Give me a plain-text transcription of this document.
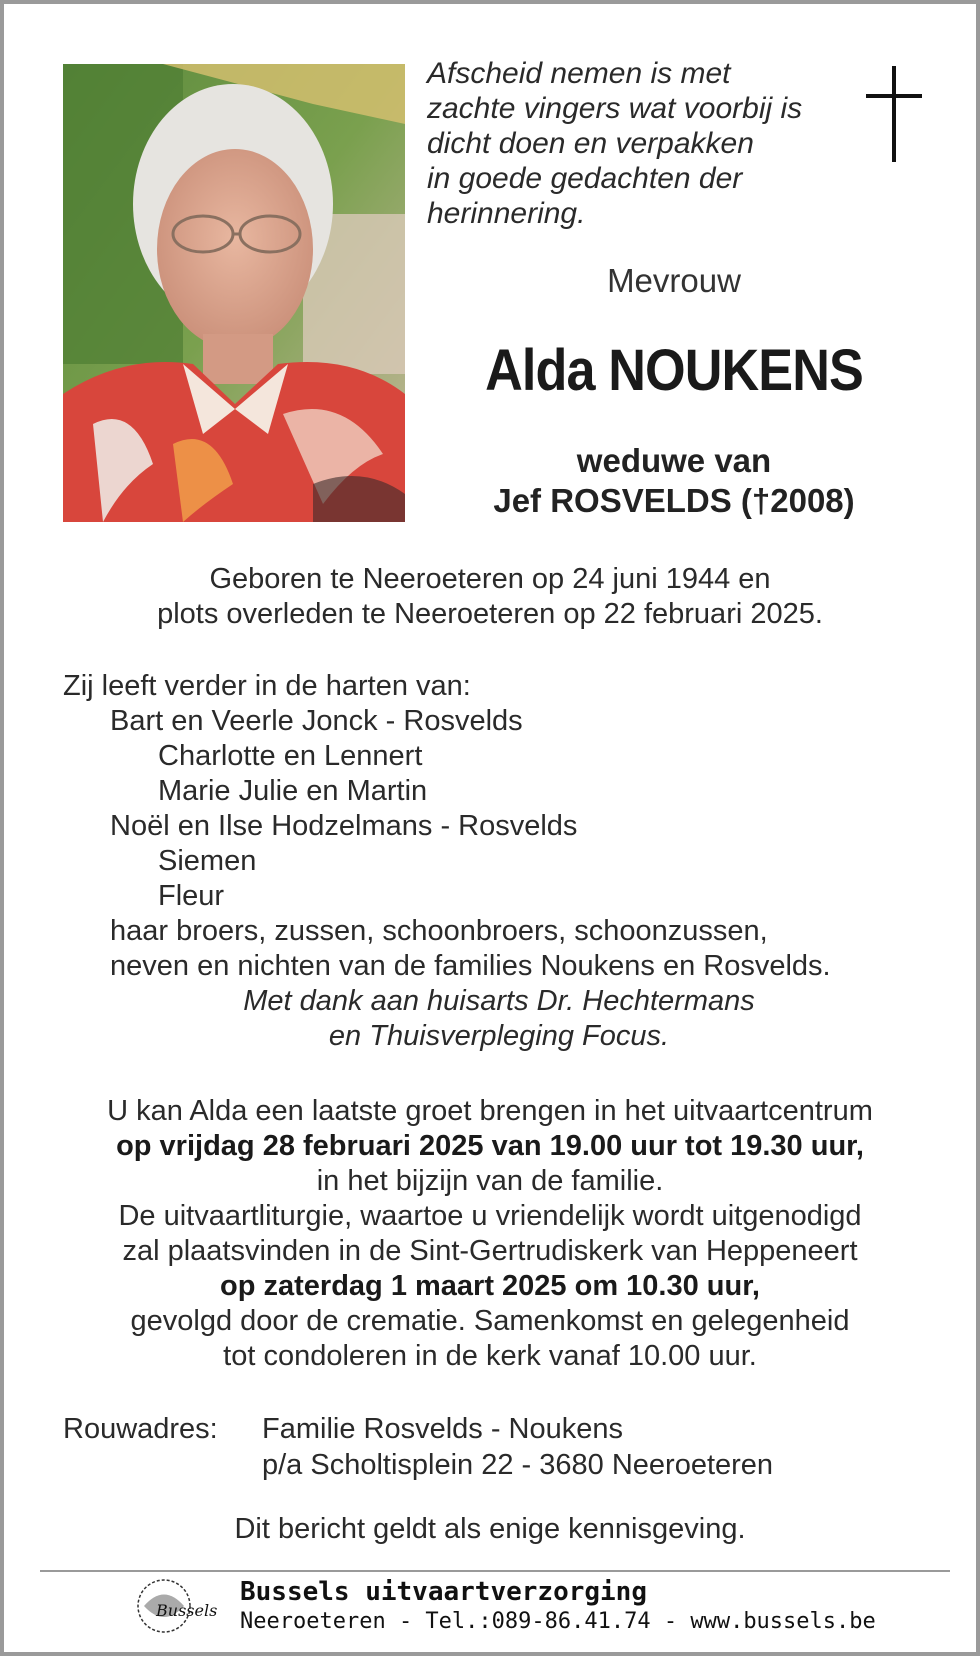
Afscheid nemen is met
zachte vingers wat voorbij is
dicht doen en verpakken
in goede gedachten der
herinnering.
Mevrouw
Alda NOUKENS
weduwe van
Jef ROSVELDS (†2008)
Geboren te Neeroeteren op 24 juni 1944 en
plots overleden te Neeroeteren op 22 februari 2025.
Zij leeft verder in de harten van:
Bart en Veerle Jonck - Rosvelds
Charlotte en Lennert
Marie Julie en Martin
Noël en Ilse Hodzelmans - Rosvelds
Siemen
Fleur
haar broers, zussen, schoonbroers, schoonzussen,
neven en nichten van de families Noukens en Rosvelds.
Met dank aan huisarts Dr. Hechtermans
en Thuisverpleging Focus.
U kan Alda een laatste groet brengen in het uitvaartcentrum
op vrijdag 28 februari 2025 van 19.00 uur tot 19.30 uur,
in het bijzijn van de familie.
De uitvaartliturgie, waartoe u vriendelijk wordt uitgenodigd
zal plaatsvinden in de Sint-Gertrudiskerk van Heppeneert
op zaterdag 1 maart 2025 om 10.30 uur,
gevolgd door de crematie. Samenkomst en gelegenheid
tot condoleren in de kerk vanaf 10.00 uur.
Rouwadres: Familie Rosvelds - Noukens
p/a Scholtisplein 22 - 3680 Neeroeteren
Dit bericht geldt als enige kennisgeving.
Bussels
Bussels uitvaartverzorging
Neeroeteren - Tel.:089-86.41.74 - www.bussels.be
